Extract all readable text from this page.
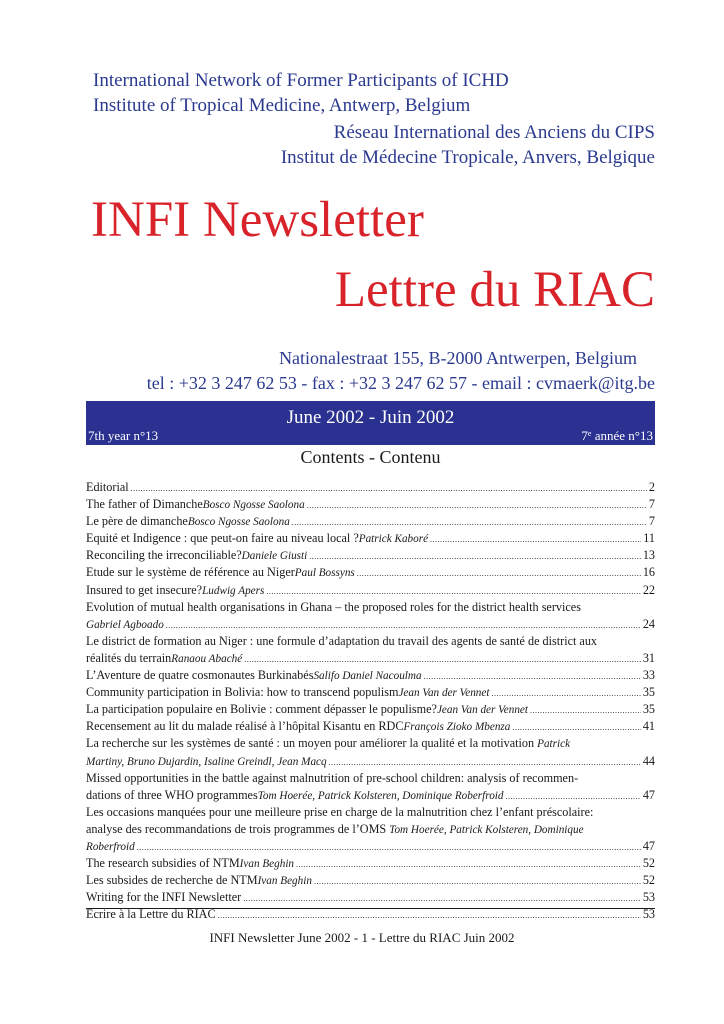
International Network of Former Participants of ICHD
Institute of Tropical Medicine, Antwerp, Belgium
Réseau International des Anciens du CIPS
Institut de Médecine Tropicale, Anvers, Belgique
INFI Newsletter
Lettre du RIAC
Nationalestraat 155, B-2000 Antwerpen, Belgium
tel : +32 3 247 62 53 - fax : +32 3 247 62 57 - email : cvmaerk@itg.be
June 2002 - Juin 2002
7th year n°13	7e année n°13
Contents - Contenu
Editorial .....	2
The father of Dimanche Bosco Ngosse Saolona .....	7
Le père de dimanche Bosco Ngosse Saolona .....	7
Equité et Indigence : que peut-on faire au niveau local ? Patrick Kaboré .....	11
Reconciling the irreconciliable? Daniele Giusti .....	13
Etude sur le système de référence au Niger Paul Bossyns .....	16
Insured to get insecure? Ludwig Apers .....	22
Evolution of mutual health organisations in Ghana – the proposed roles for the district health services
Gabriel Agboado .....	24
Le district de formation au Niger : une formule d’adaptation du travail des agents de santé de district aux
réalités du terrain Ranaou Abaché .....	31
L’Aventure de quatre cosmonautes Burkinabés Salifo Daniel Nacoulma .....	33
Community participation in Bolivia: how to transcend populism Jean Van der Vennet .....	35
La participation populaire en Bolivie : comment dépasser le populisme? Jean Van der Vennet .....	35
Recensement au lit du malade réalisé à l’hôpital Kisantu en RDC François Zioko Mbenza .....	41
La recherche sur les systèmes de santé : un moyen pour améliorer la qualité et la motivation Patrick
Martiny, Bruno Dujardin, Isaline Greindl, Jean Macq .....	44
Missed opportunities in the battle against malnutrition of pre-school children: analysis of recommen-
dations of three WHO programmes Tom Hoerée, Patrick Kolsteren, Dominique Roberfroid .....	47
Les occasions manquées pour une meilleure prise en charge de la malnutrition chez l’enfant préscolaire:
analyse des recommandations de trois programmes de l’OMS Tom Hoerée, Patrick Kolsteren, Dominique
Roberfroid .....	47
The research subsidies of NTM Ivan Beghin .....	52
Les subsides de recherche de NTM Ivan Beghin .....	52
Writing for the INFI Newsletter .....	53
Ecrire à la Lettre du RIAC .....	53
INFI Newsletter June 2002 - 1 - Lettre du RIAC Juin 2002
